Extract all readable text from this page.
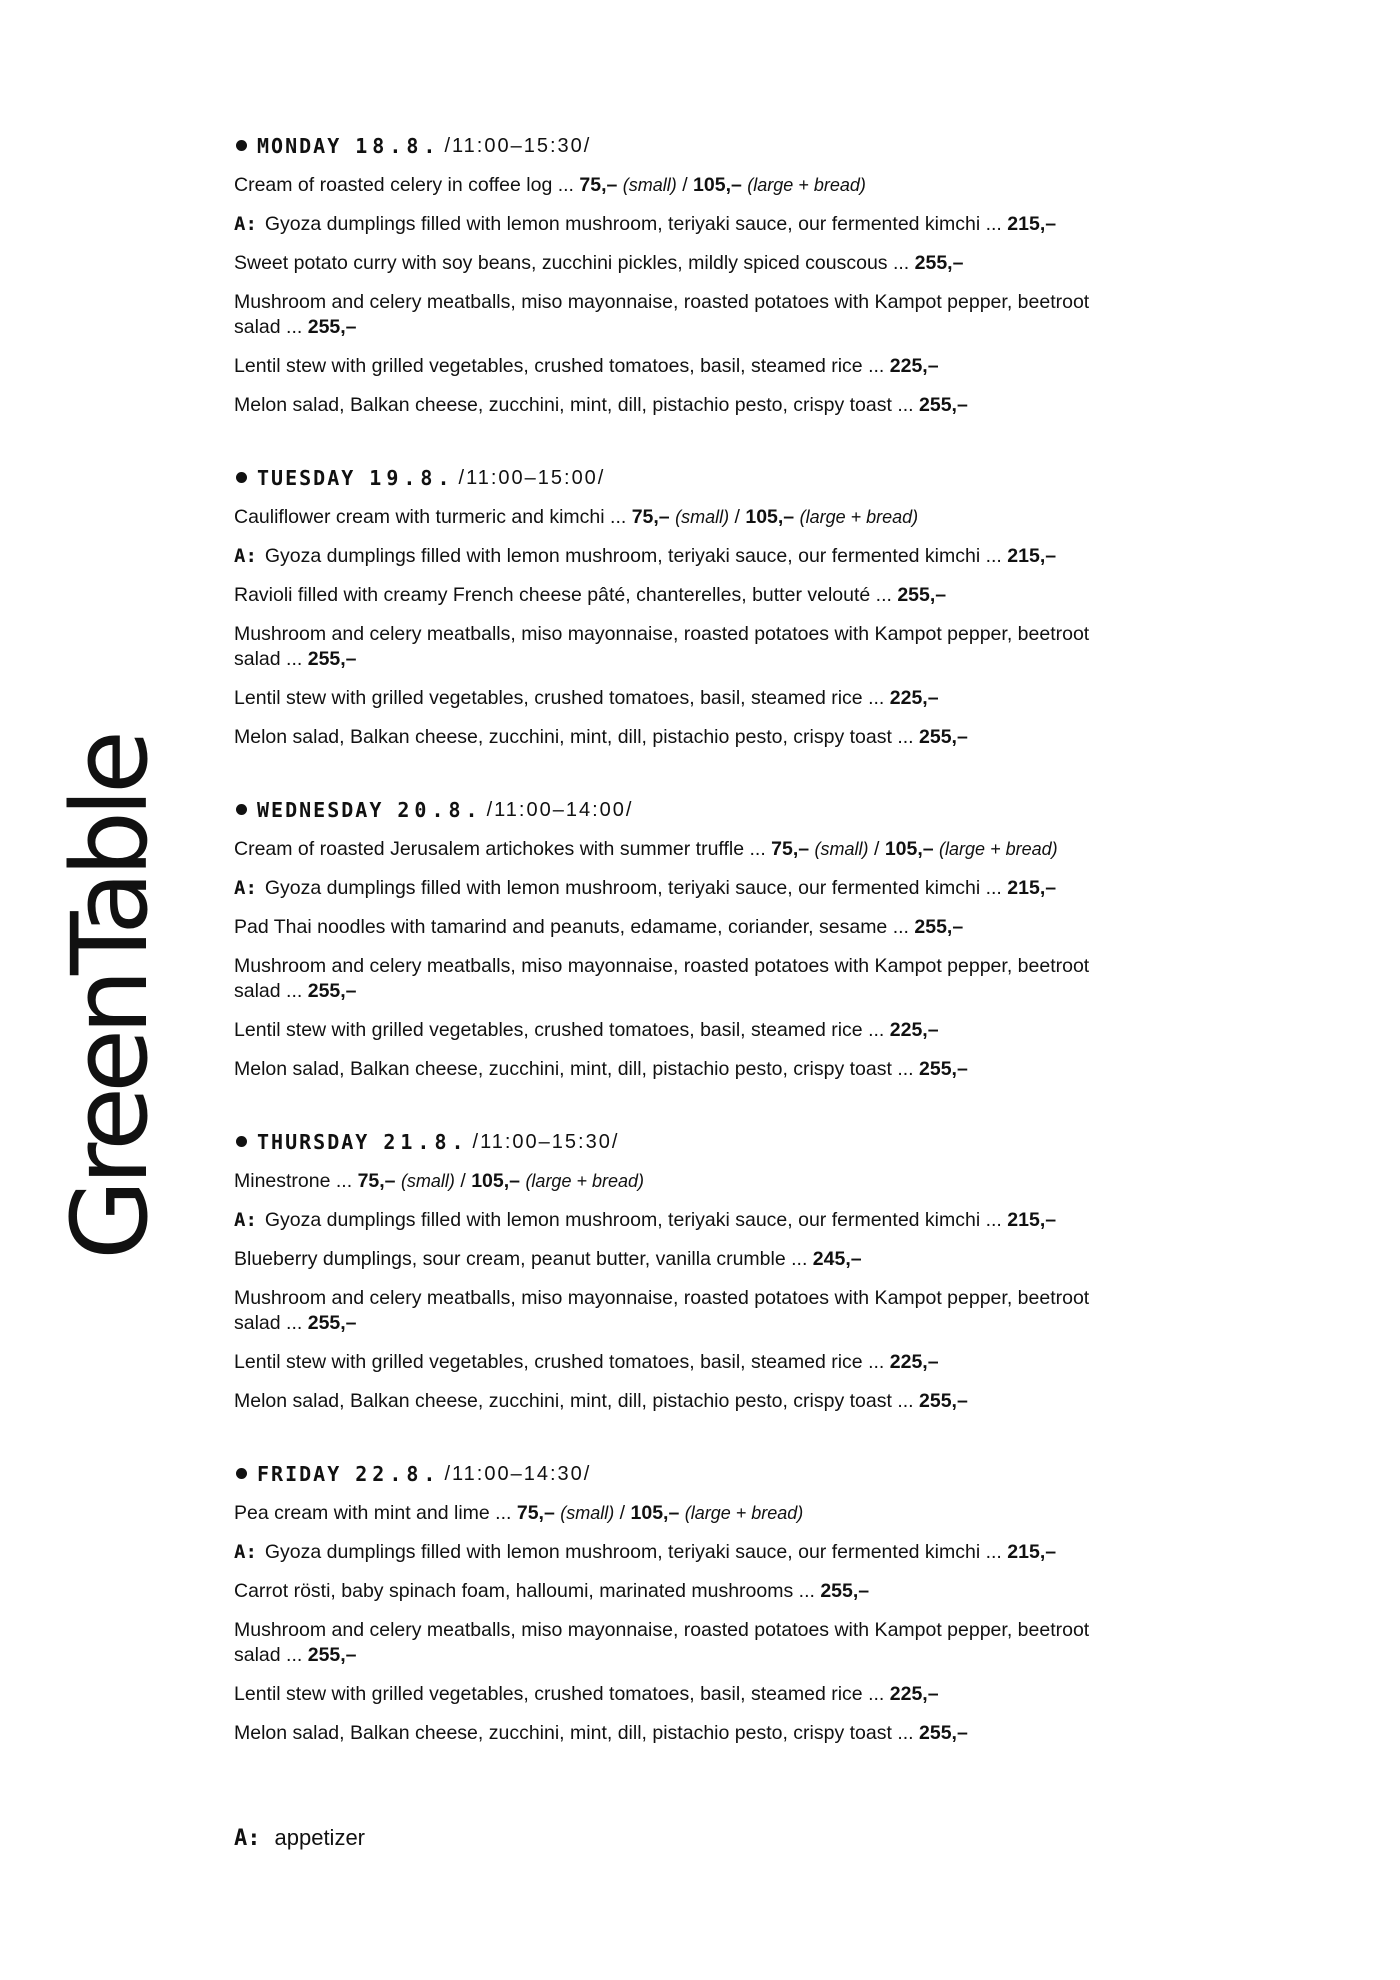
GreenTable
MONDAY 18.8. /11:00–15:30/
Cream of roasted celery in coffee log ... 75,– (small) / 105,– (large + bread)
A: Gyoza dumplings filled with lemon mushroom, teriyaki sauce, our fermented kimchi ... 215,–
Sweet potato curry with soy beans, zucchini pickles, mildly spiced couscous ... 255,–
Mushroom and celery meatballs, miso mayonnaise, roasted potatoes with Kampot pepper, beetroot salad ... 255,–
Lentil stew with grilled vegetables, crushed tomatoes, basil, steamed rice ... 225,–
Melon salad, Balkan cheese, zucchini, mint, dill, pistachio pesto, crispy toast ... 255,–
TUESDAY 19.8. /11:00–15:00/
Cauliflower cream with turmeric and kimchi ... 75,– (small) / 105,– (large + bread)
A: Gyoza dumplings filled with lemon mushroom, teriyaki sauce, our fermented kimchi ... 215,–
Ravioli filled with creamy French cheese pâté, chanterelles, butter velouté ... 255,–
Mushroom and celery meatballs, miso mayonnaise, roasted potatoes with Kampot pepper, beetroot salad ... 255,–
Lentil stew with grilled vegetables, crushed tomatoes, basil, steamed rice ... 225,–
Melon salad, Balkan cheese, zucchini, mint, dill, pistachio pesto, crispy toast ... 255,–
WEDNESDAY 20.8. /11:00–14:00/
Cream of roasted Jerusalem artichokes with summer truffle ... 75,– (small) / 105,– (large + bread)
A: Gyoza dumplings filled with lemon mushroom, teriyaki sauce, our fermented kimchi ... 215,–
Pad Thai noodles with tamarind and peanuts, edamame, coriander, sesame ... 255,–
Mushroom and celery meatballs, miso mayonnaise, roasted potatoes with Kampot pepper, beetroot salad ... 255,–
Lentil stew with grilled vegetables, crushed tomatoes, basil, steamed rice ... 225,–
Melon salad, Balkan cheese, zucchini, mint, dill, pistachio pesto, crispy toast ... 255,–
THURSDAY 21.8. /11:00–15:30/
Minestrone ... 75,– (small) / 105,– (large + bread)
A: Gyoza dumplings filled with lemon mushroom, teriyaki sauce, our fermented kimchi ... 215,–
Blueberry dumplings, sour cream, peanut butter, vanilla crumble ... 245,–
Mushroom and celery meatballs, miso mayonnaise, roasted potatoes with Kampot pepper, beetroot salad ... 255,–
Lentil stew with grilled vegetables, crushed tomatoes, basil, steamed rice ... 225,–
Melon salad, Balkan cheese, zucchini, mint, dill, pistachio pesto, crispy toast ... 255,–
FRIDAY 22.8. /11:00–14:30/
Pea cream with mint and lime ... 75,– (small) / 105,– (large + bread)
A: Gyoza dumplings filled with lemon mushroom, teriyaki sauce, our fermented kimchi ... 215,–
Carrot rösti, baby spinach foam, halloumi, marinated mushrooms ... 255,–
Mushroom and celery meatballs, miso mayonnaise, roasted potatoes with Kampot pepper, beetroot salad ... 255,–
Lentil stew with grilled vegetables, crushed tomatoes, basil, steamed rice ... 225,–
Melon salad, Balkan cheese, zucchini, mint, dill, pistachio pesto, crispy toast ... 255,–
A: appetizer
